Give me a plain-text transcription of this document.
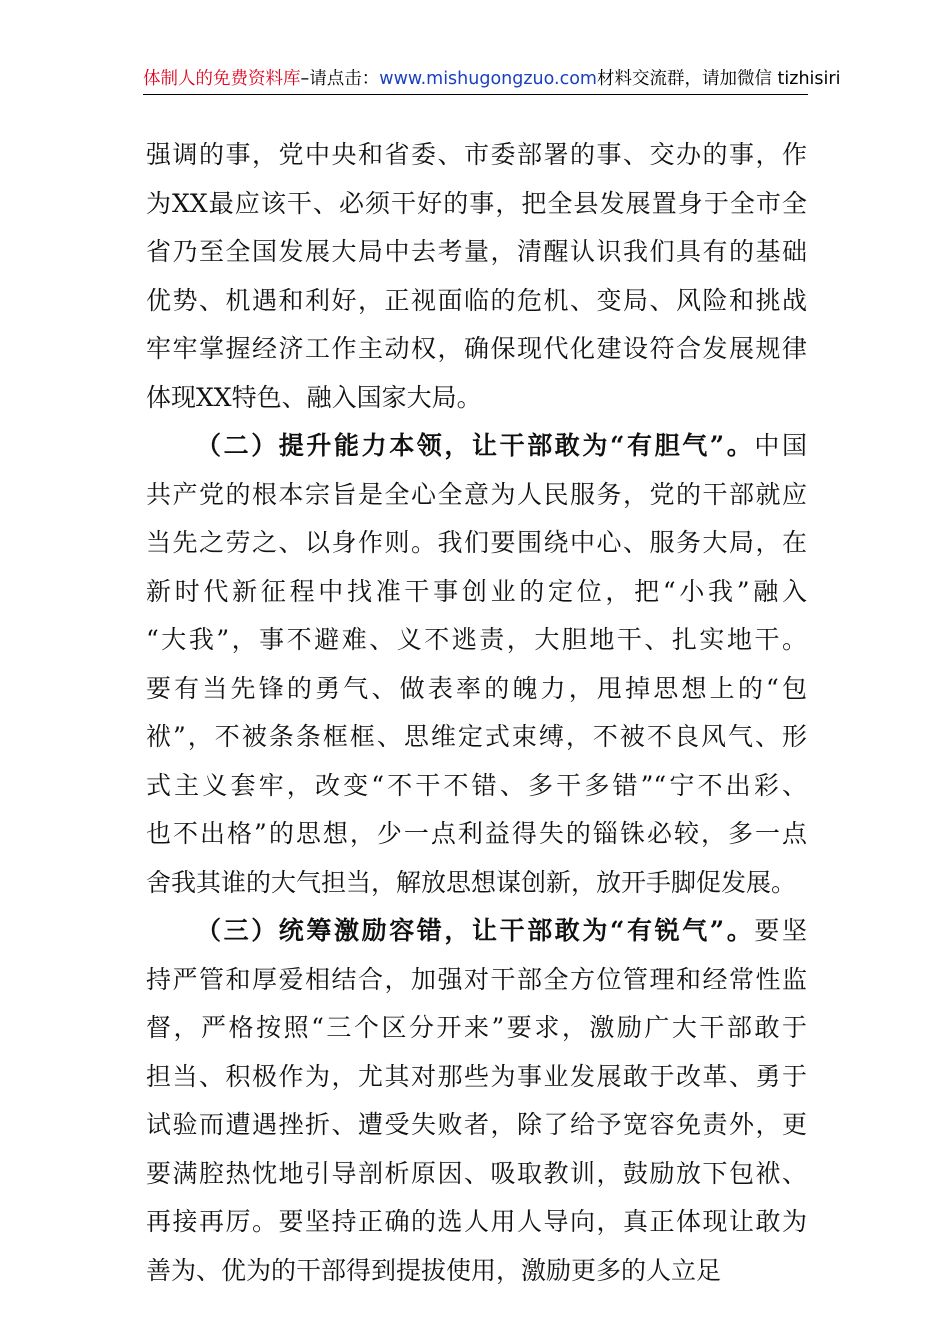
体制人的免费资料库–请点击：www.mishugongzuo.com材料交流群，请加微信 tizhisiri
强调的事，党中央和省委、市委部署的事、交办的事，作
为XX最应该干、必须干好的事，把全县发展置身于全市全
省乃至全国发展大局中去考量，清醒认识我们具有的基础
优势、机遇和利好，正视面临的危机、变局、风险和挑战
牢牢掌握经济工作主动权，确保现代化建设符合发展规律
体现XX特色、融入国家大局。
（二）提升能力本领，让干部敢为“有胆气”。中国
共产党的根本宗旨是全心全意为人民服务，党的干部就应
当先之劳之、以身作则。我们要围绕中心、服务大局，在
新时代新征程中找准干事创业的定位，把“小我”融入
“大我”，事不避难、义不逃责，大胆地干、扎实地干。
要有当先锋的勇气、做表率的魄力，甩掉思想上的“包
袱”，不被条条框框、思维定式束缚，不被不良风气、形
式主义套牢，改变“不干不错、多干多错”“宁不出彩、
也不出格”的思想，少一点利益得失的锱铢必较，多一点
舍我其谁的大气担当，解放思想谋创新，放开手脚促发展。
（三）统筹激励容错，让干部敢为“有锐气”。要坚
持严管和厚爱相结合，加强对干部全方位管理和经常性监
督，严格按照“三个区分开来”要求，激励广大干部敢于
担当、积极作为，尤其对那些为事业发展敢于改革、勇于
试验而遭遇挫折、遭受失败者，除了给予宽容免责外，更
要满腔热忱地引导剖析原因、吸取教训，鼓励放下包袱、
再接再厉。要坚持正确的选人用人导向，真正体现让敢为
善为、优为的干部得到提拔使用，激励更多的人立足
